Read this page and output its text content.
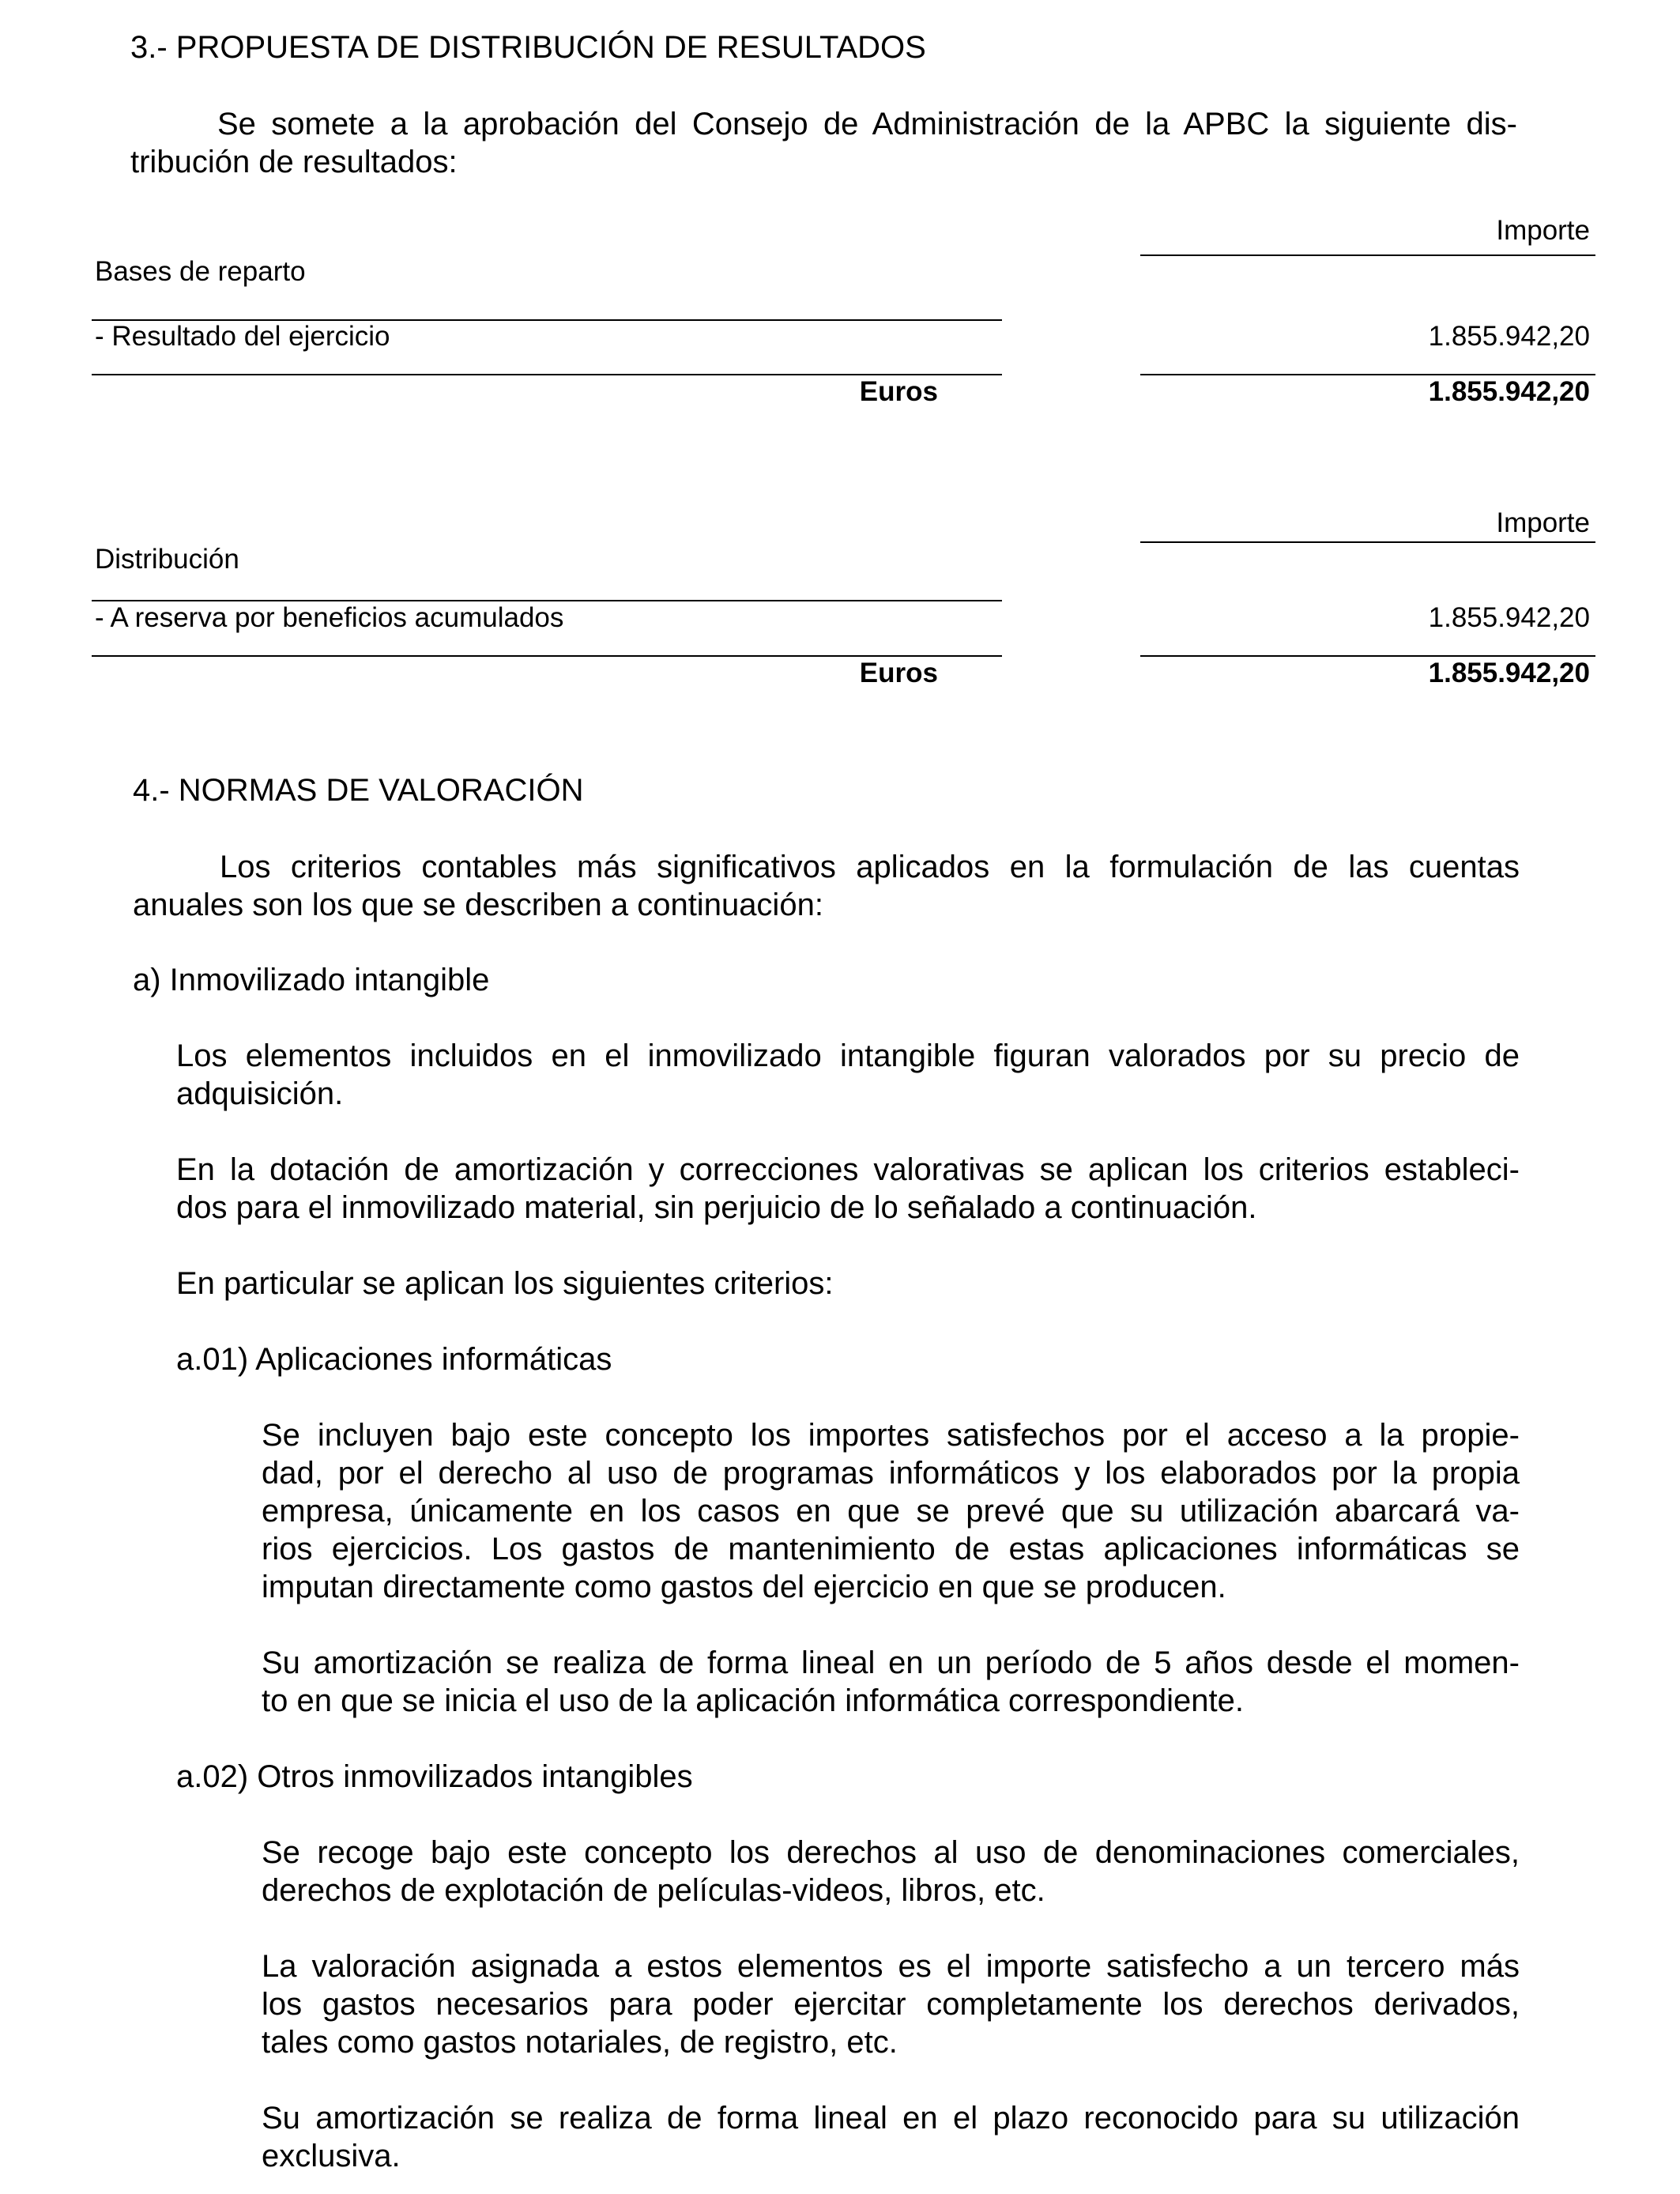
3.- PROPUESTA DE DISTRIBUCIÓN DE RESULTADOS
Se somete a la aprobación del Consejo de Administración de la APBC la siguiente dis-
tribución de resultados:
Importe
Bases de reparto
- Resultado del ejercicio	1.855.942,20
Euros	1.855.942,20
Importe
Distribución
- A reserva por beneficios acumulados	1.855.942,20
Euros	1.855.942,20
4.- NORMAS DE VALORACIÓN
Los criterios contables más significativos aplicados en la formulación de las cuentas
anuales son los que se describen a continuación:
a) Inmovilizado intangible
Los elementos incluidos en el inmovilizado intangible figuran valorados por su precio de
adquisición.
En la dotación de amortización y correcciones valorativas se aplican los criterios estableci-
dos para el inmovilizado material, sin perjuicio de lo señalado a continuación.
En particular se aplican los siguientes criterios:
a.01) Aplicaciones informáticas
Se incluyen bajo este concepto los importes satisfechos por el acceso a la propie-
dad, por el derecho al uso de programas informáticos y los elaborados por la propia
empresa, únicamente en los casos en que se prevé que su utilización abarcará va-
rios ejercicios. Los gastos de mantenimiento de estas aplicaciones informáticas se
imputan directamente como gastos del ejercicio en que se producen.
Su amortización se realiza de forma lineal en un período de 5 años desde el momen-
to en que se inicia el uso de la aplicación informática correspondiente.
a.02) Otros inmovilizados intangibles
Se recoge bajo este concepto los derechos al uso de denominaciones comerciales,
derechos de explotación de películas-videos, libros, etc.
La valoración asignada a estos elementos es el importe satisfecho a un tercero más
los gastos necesarios para poder ejercitar completamente los derechos derivados,
tales como gastos notariales, de registro, etc.
Su amortización se realiza de forma lineal en el plazo reconocido para su utilización
exclusiva.
